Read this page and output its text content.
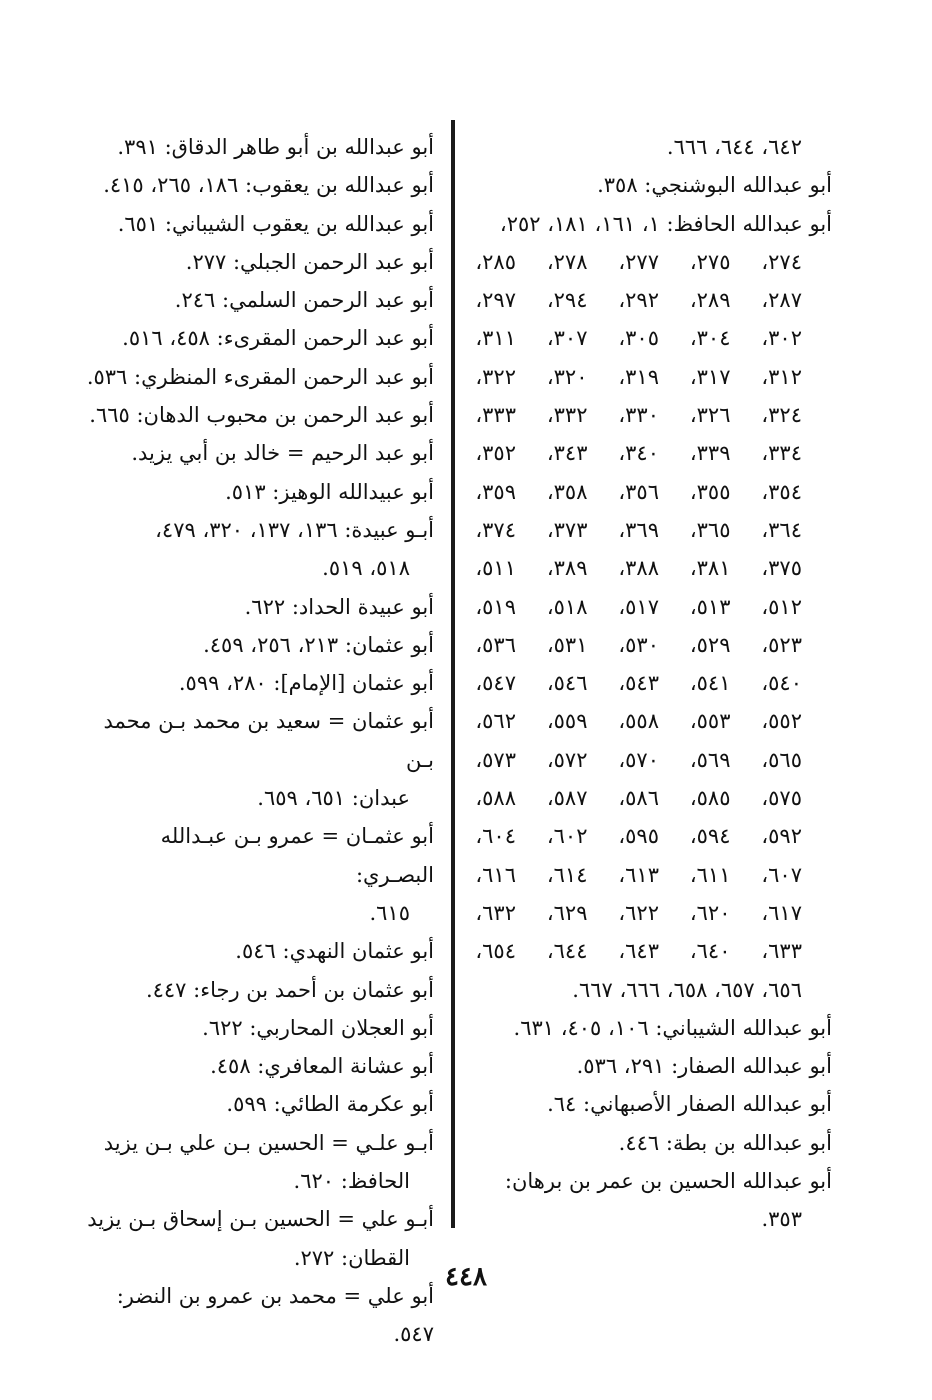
٦٤٢، ٦٤٤، ٦٦٦.
أبو عبدالله البوشنجي: ٣٥٨.
أبو عبدالله الحافظ: ١، ١٦١، ١٨١، ٢٥٢،
٢٧٤،
٢٧٥،
٢٧٧،
٢٧٨،
٢٨٥،
٢٨٧،
٢٨٩،
٢٩٢،
٢٩٤،
٢٩٧،
٣٠٢،
٣٠٤،
٣٠٥،
٣٠٧،
٣١١،
٣١٢،
٣١٧،
٣١٩،
٣٢٠،
٣٢٢،
٣٢٤،
٣٢٦،
٣٣٠،
٣٣٢،
٣٣٣،
٣٣٤،
٣٣٩،
٣٤٠،
٣٤٣،
٣٥٢،
٣٥٤،
٣٥٥،
٣٥٦،
٣٥٨،
٣٥٩،
٣٦٤،
٣٦٥،
٣٦٩،
٣٧٣،
٣٧٤،
٣٧٥،
٣٨١،
٣٨٨،
٣٨٩،
٥١١،
٥١٢،
٥١٣،
٥١٧،
٥١٨،
٥١٩،
٥٢٣،
٥٢٩،
٥٣٠،
٥٣١،
٥٣٦،
٥٤٠،
٥٤١،
٥٤٣،
٥٤٦،
٥٤٧،
٥٥٢،
٥٥٣،
٥٥٨،
٥٥٩،
٥٦٢،
٥٦٥،
٥٦٩،
٥٧٠،
٥٧٢،
٥٧٣،
٥٧٥،
٥٨٥،
٥٨٦،
٥٨٧،
٥٨٨،
٥٩٢،
٥٩٤،
٥٩٥،
٦٠٢،
٦٠٤،
٦٠٧،
٦١١،
٦١٣،
٦١٤،
٦١٦،
٦١٧،
٦٢٠،
٦٢٢،
٦٢٩،
٦٣٢،
٦٣٣،
٦٤٠،
٦٤٣،
٦٤٤،
٦٥٤،
٦٥٦، ٦٥٧، ٦٥٨، ٦٦٦، ٦٦٧.
أبو عبدالله الشيباني: ١٠٦، ٤٠٥، ٦٣١.
أبو عبدالله الصفار: ٢٩١، ٥٣٦.
أبو عبدالله الصفار الأصبهاني: ٦٤.
أبو عبدالله بن بطة: ٤٤٦.
أبو عبدالله الحسين بن عمر بن برهان:
٣٥٣.
أبو عبدالله بن أبو طاهر الدقاق: ٣٩١.
أبو عبدالله بن يعقوب: ١٨٦، ٢٦٥، ٤١٥.
أبو عبدالله بن يعقوب الشيباني: ٦٥١.
أبو عبد الرحمن الجبلي: ٢٧٧.
أبو عبد الرحمن السلمي: ٢٤٦.
أبو عبد الرحمن المقرىء: ٤٥٨، ٥١٦.
أبو عبد الرحمن المقرىء المنظري: ٥٣٦.
أبو عبد الرحمن بن محبوب الدهان: ٦٦٥.
أبو عبد الرحيم = خالد بن أبي يزيد.
أبو عبيدالله الوهيز: ٥١٣.
أبـو عبيدة: ١٣٦، ١٣٧، ٣٢٠، ٤٧٩،
٥١٨، ٥١٩.
أبو عبيدة الحداد: ٦٢٢.
أبو عثمان: ٢١٣، ٢٥٦، ٤٥٩.
أبو عثمان [الإمام]: ٢٨٠، ٥٩٩.
أبو عثمان = سعيد بن محمد بـن محمد بـن
عبدان: ٦٥١، ٦٥٩.
أبو عثمـان = عمرو بـن عبـدالله البصـري:
٦١٥.
أبو عثمان النهدي: ٥٤٦.
أبو عثمان بن أحمد بن رجاء: ٤٤٧.
أبو العجلان المحاربي: ٦٢٢.
أبو عشانة المعافري: ٤٥٨.
أبو عكرمة الطائي: ٥٩٩.
أبـو علـي = الحسين بـن علي بـن يزيد
الحافظ: ٦٢٠.
أبـو علي = الحسين بـن إسحاق بـن يزيد
القطان: ٢٧٢.
أبو علي = محمد بن عمرو بن النضر: ٥٤٧.
٤٤٨
